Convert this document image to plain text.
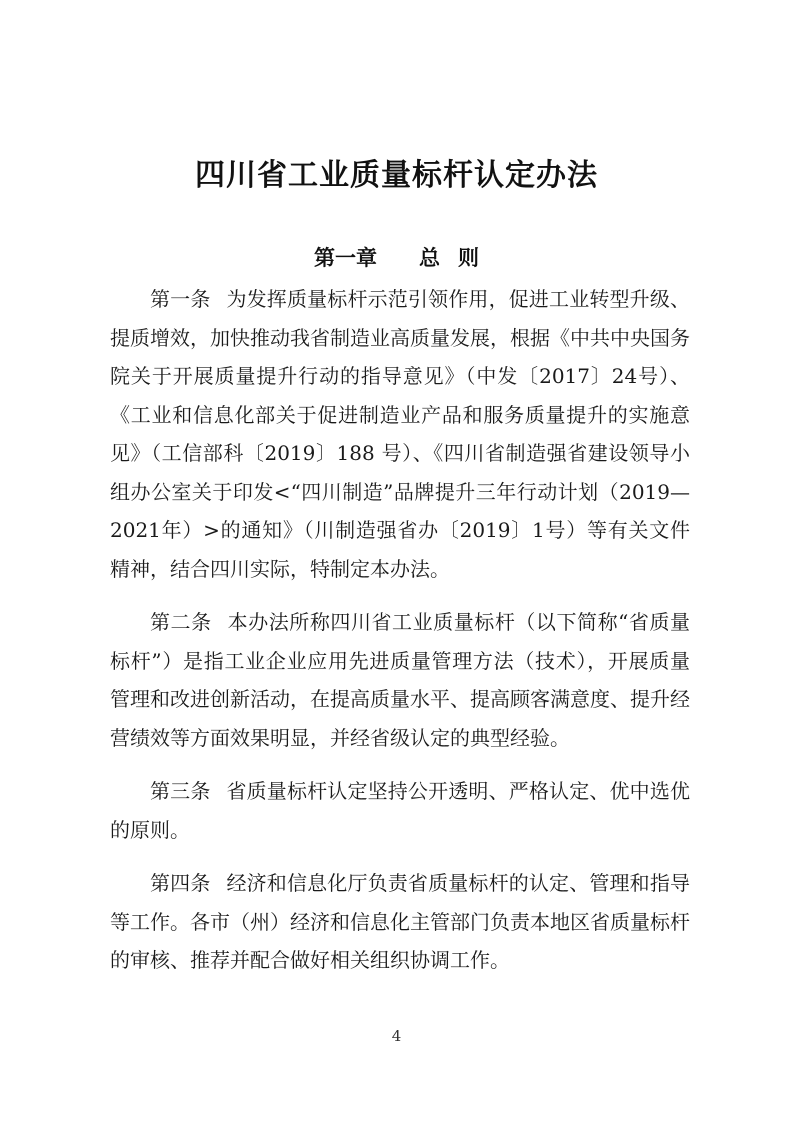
四川省工业质量标杆认定办法
第一章 总 则

第一条 为发挥质量标杆示范引领作用，促进工业转型升级、提质增效，加快推动我省制造业高质量发展，根据《中共中央国务院关于开展质量提升行动的指导意见》（中发〔2017〕24号）、《工业和信息化部关于促进制造业产品和服务质量提升的实施意见》（工信部科〔2019〕188 号）、《四川省制造强省建设领导小组办公室关于印发<“四川制造”品牌提升三年行动计划（2019—2021年）>的通知》（川制造强省办〔2019〕1号）等有关文件精神，结合四川实际，特制定本办法。

第二条 本办法所称四川省工业质量标杆（以下简称“省质量标杆”）是指工业企业应用先进质量管理方法（技术），开展质量管理和改进创新活动，在提高质量水平、提高顾客满意度、提升经营绩效等方面效果明显，并经省级认定的典型经验。

第三条 省质量标杆认定坚持公开透明、严格认定、优中选优的原则。

第四条 经济和信息化厅负责省质量标杆的认定、管理和指导等工作。各市（州）经济和信息化主管部门负责本地区省质量标杆的审核、推荐并配合做好相关组织协调工作。

4
